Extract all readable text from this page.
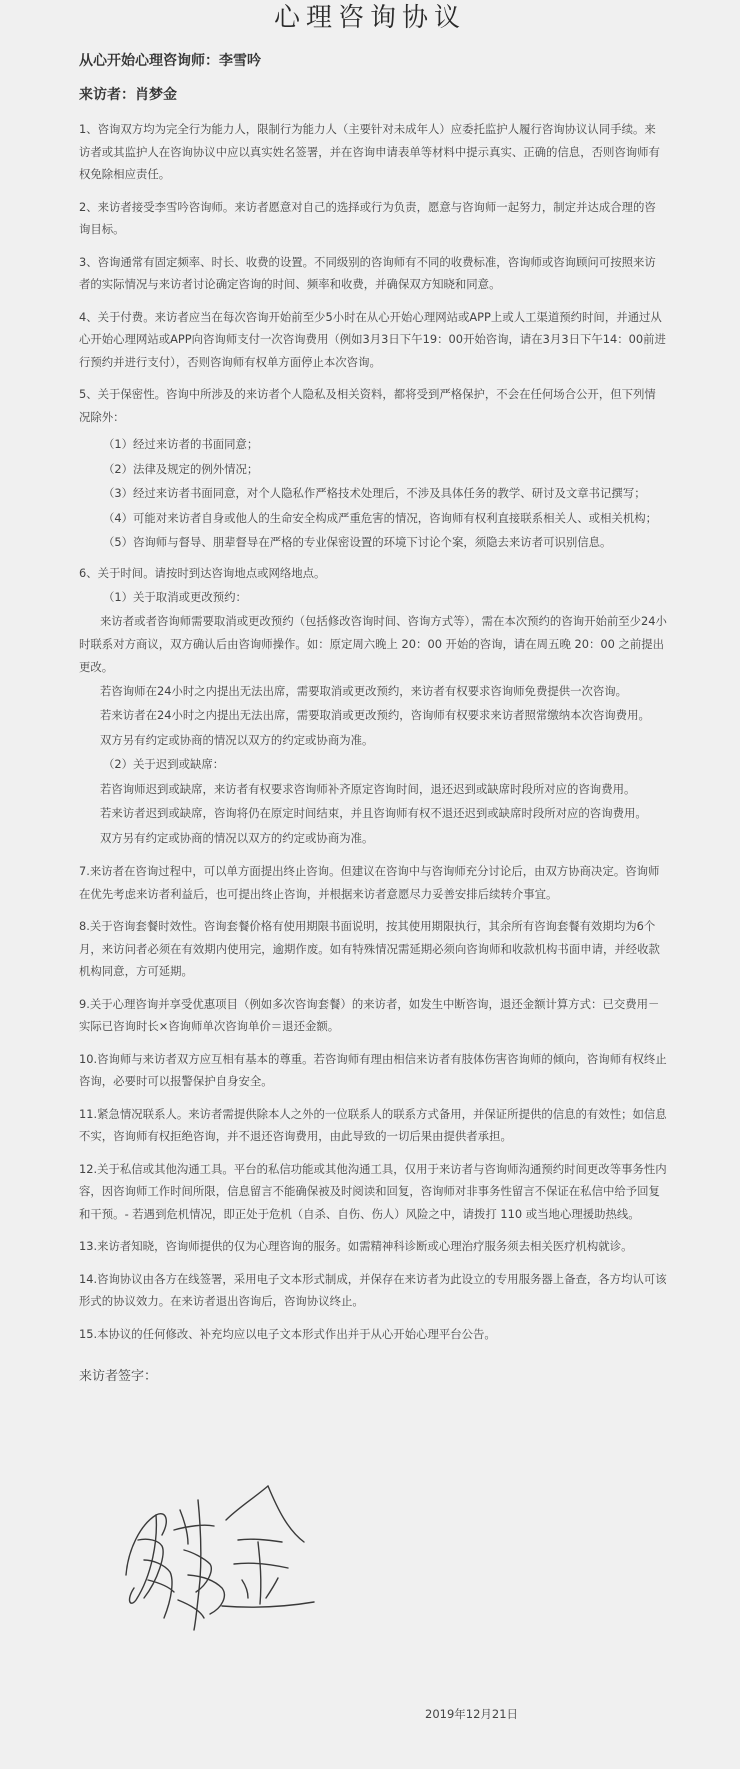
心理咨询协议
从心开始心理咨询师：李雪吟
来访者：肖梦金

1、咨询双方均为完全行为能力人，限制行为能力人（主要针对未成年人）应委托监护人履行咨询协议认同手续。来访者或其监护人在咨询协议中应以真实姓名签署，并在咨询申请表单等材料中提示真实、正确的信息，否则咨询师有权免除相应责任。

2、来访者接受李雪吟咨询师。来访者愿意对自己的选择或行为负责，愿意与咨询师一起努力，制定并达成合理的咨询目标。

3、咨询通常有固定频率、时长、收费的设置。不同级别的咨询师有不同的收费标准，咨询师或咨询顾问可按照来访者的实际情况与来访者讨论确定咨询的时间、频率和收费，并确保双方知晓和同意。

4、关于付费。来访者应当在每次咨询开始前至少5小时在从心开始心理网站或APP上或人工渠道预约时间，并通过从心开始心理网站或APP向咨询师支付一次咨询费用（例如3月3日下午19：00开始咨询，请在3月3日下午14：00前进行预约并进行支付），否则咨询师有权单方面停止本次咨询。

5、关于保密性。咨询中所涉及的来访者个人隐私及相关资料，都将受到严格保护，不会在任何场合公开，但下列情况除外：

（1）经过来访者的书面同意；
（2）法律及规定的例外情况；
（3）经过来访者书面同意，对个人隐私作严格技术处理后，不涉及具体任务的教学、研讨及文章书记撰写；
（4）可能对来访者自身或他人的生命安全构成严重危害的情况，咨询师有权利直接联系相关人、或相关机构；
（5）咨询师与督导、朋辈督导在严格的专业保密设置的环境下讨论个案，须隐去来访者可识别信息。
6、关于时间。请按时到达咨询地点或网络地点。
（1）关于取消或更改预约：
来访者或者咨询师需要取消或更改预约（包括修改咨询时间、咨询方式等），需在本次预约的咨询开始前至少24小时联系对方商议，双方确认后由咨询师操作。如：原定周六晚上 20：00 开始的咨询，请在周五晚 20：00 之前提出更改。
若咨询师在24小时之内提出无法出席，需要取消或更改预约，来访者有权要求咨询师免费提供一次咨询。
若来访者在24小时之内提出无法出席，需要取消或更改预约，咨询师有权要求来访者照常缴纳本次咨询费用。
双方另有约定或协商的情况以双方的约定或协商为准。
（2）关于迟到或缺席：
若咨询师迟到或缺席，来访者有权要求咨询师补齐原定咨询时间，退还迟到或缺席时段所对应的咨询费用。
若来访者迟到或缺席，咨询将仍在原定时间结束，并且咨询师有权不退还迟到或缺席时段所对应的咨询费用。
双方另有约定或协商的情况以双方的约定或协商为准。

7.来访者在咨询过程中，可以单方面提出终止咨询。但建议在咨询中与咨询师充分讨论后，由双方协商决定。咨询师在优先考虑来访者利益后，也可提出终止咨询，并根据来访者意愿尽力妥善安排后续转介事宜。

8.关于咨询套餐时效性。咨询套餐价格有使用期限书面说明，按其使用期限执行，其余所有咨询套餐有效期均为6个月，来访问者必须在有效期内使用完，逾期作废。如有特殊情况需延期必须向咨询师和收款机构书面申请，并经收款机构同意，方可延期。

9.关于心理咨询并享受优惠项目（例如多次咨询套餐）的来访者，如发生中断咨询，退还金额计算方式：已交费用－实际已咨询时长×咨询师单次咨询单价＝退还金额。

10.咨询师与来访者双方应互相有基本的尊重。若咨询师有理由相信来访者有肢体伤害咨询师的倾向，咨询师有权终止咨询，必要时可以报警保护自身安全。

11.紧急情况联系人。来访者需提供除本人之外的一位联系人的联系方式备用，并保证所提供的信息的有效性；如信息不实，咨询师有权拒绝咨询，并不退还咨询费用，由此导致的一切后果由提供者承担。

12.关于私信或其他沟通工具。平台的私信功能或其他沟通工具，仅用于来访者与咨询师沟通预约时间更改等事务性内容，因咨询师工作时间所限，信息留言不能确保被及时阅读和回复，咨询师对非事务性留言不保证在私信中给予回复和干预。- 若遇到危机情况，即正处于危机（自杀、自伤、伤人）风险之中，请拨打 110 或当地心理援助热线。

13.来访者知晓，咨询师提供的仅为心理咨询的服务。如需精神科诊断或心理治疗服务须去相关医疗机构就诊。

14.咨询协议由各方在线签署，采用电子文本形式制成，并保存在来访者为此设立的专用服务器上备查，各方均认可该形式的协议效力。在来访者退出咨询后，咨询协议终止。

15.本协议的任何修改、补充均应以电子文本形式作出并于从心开始心理平台公告。

来访者签字：
2019年12月21日
